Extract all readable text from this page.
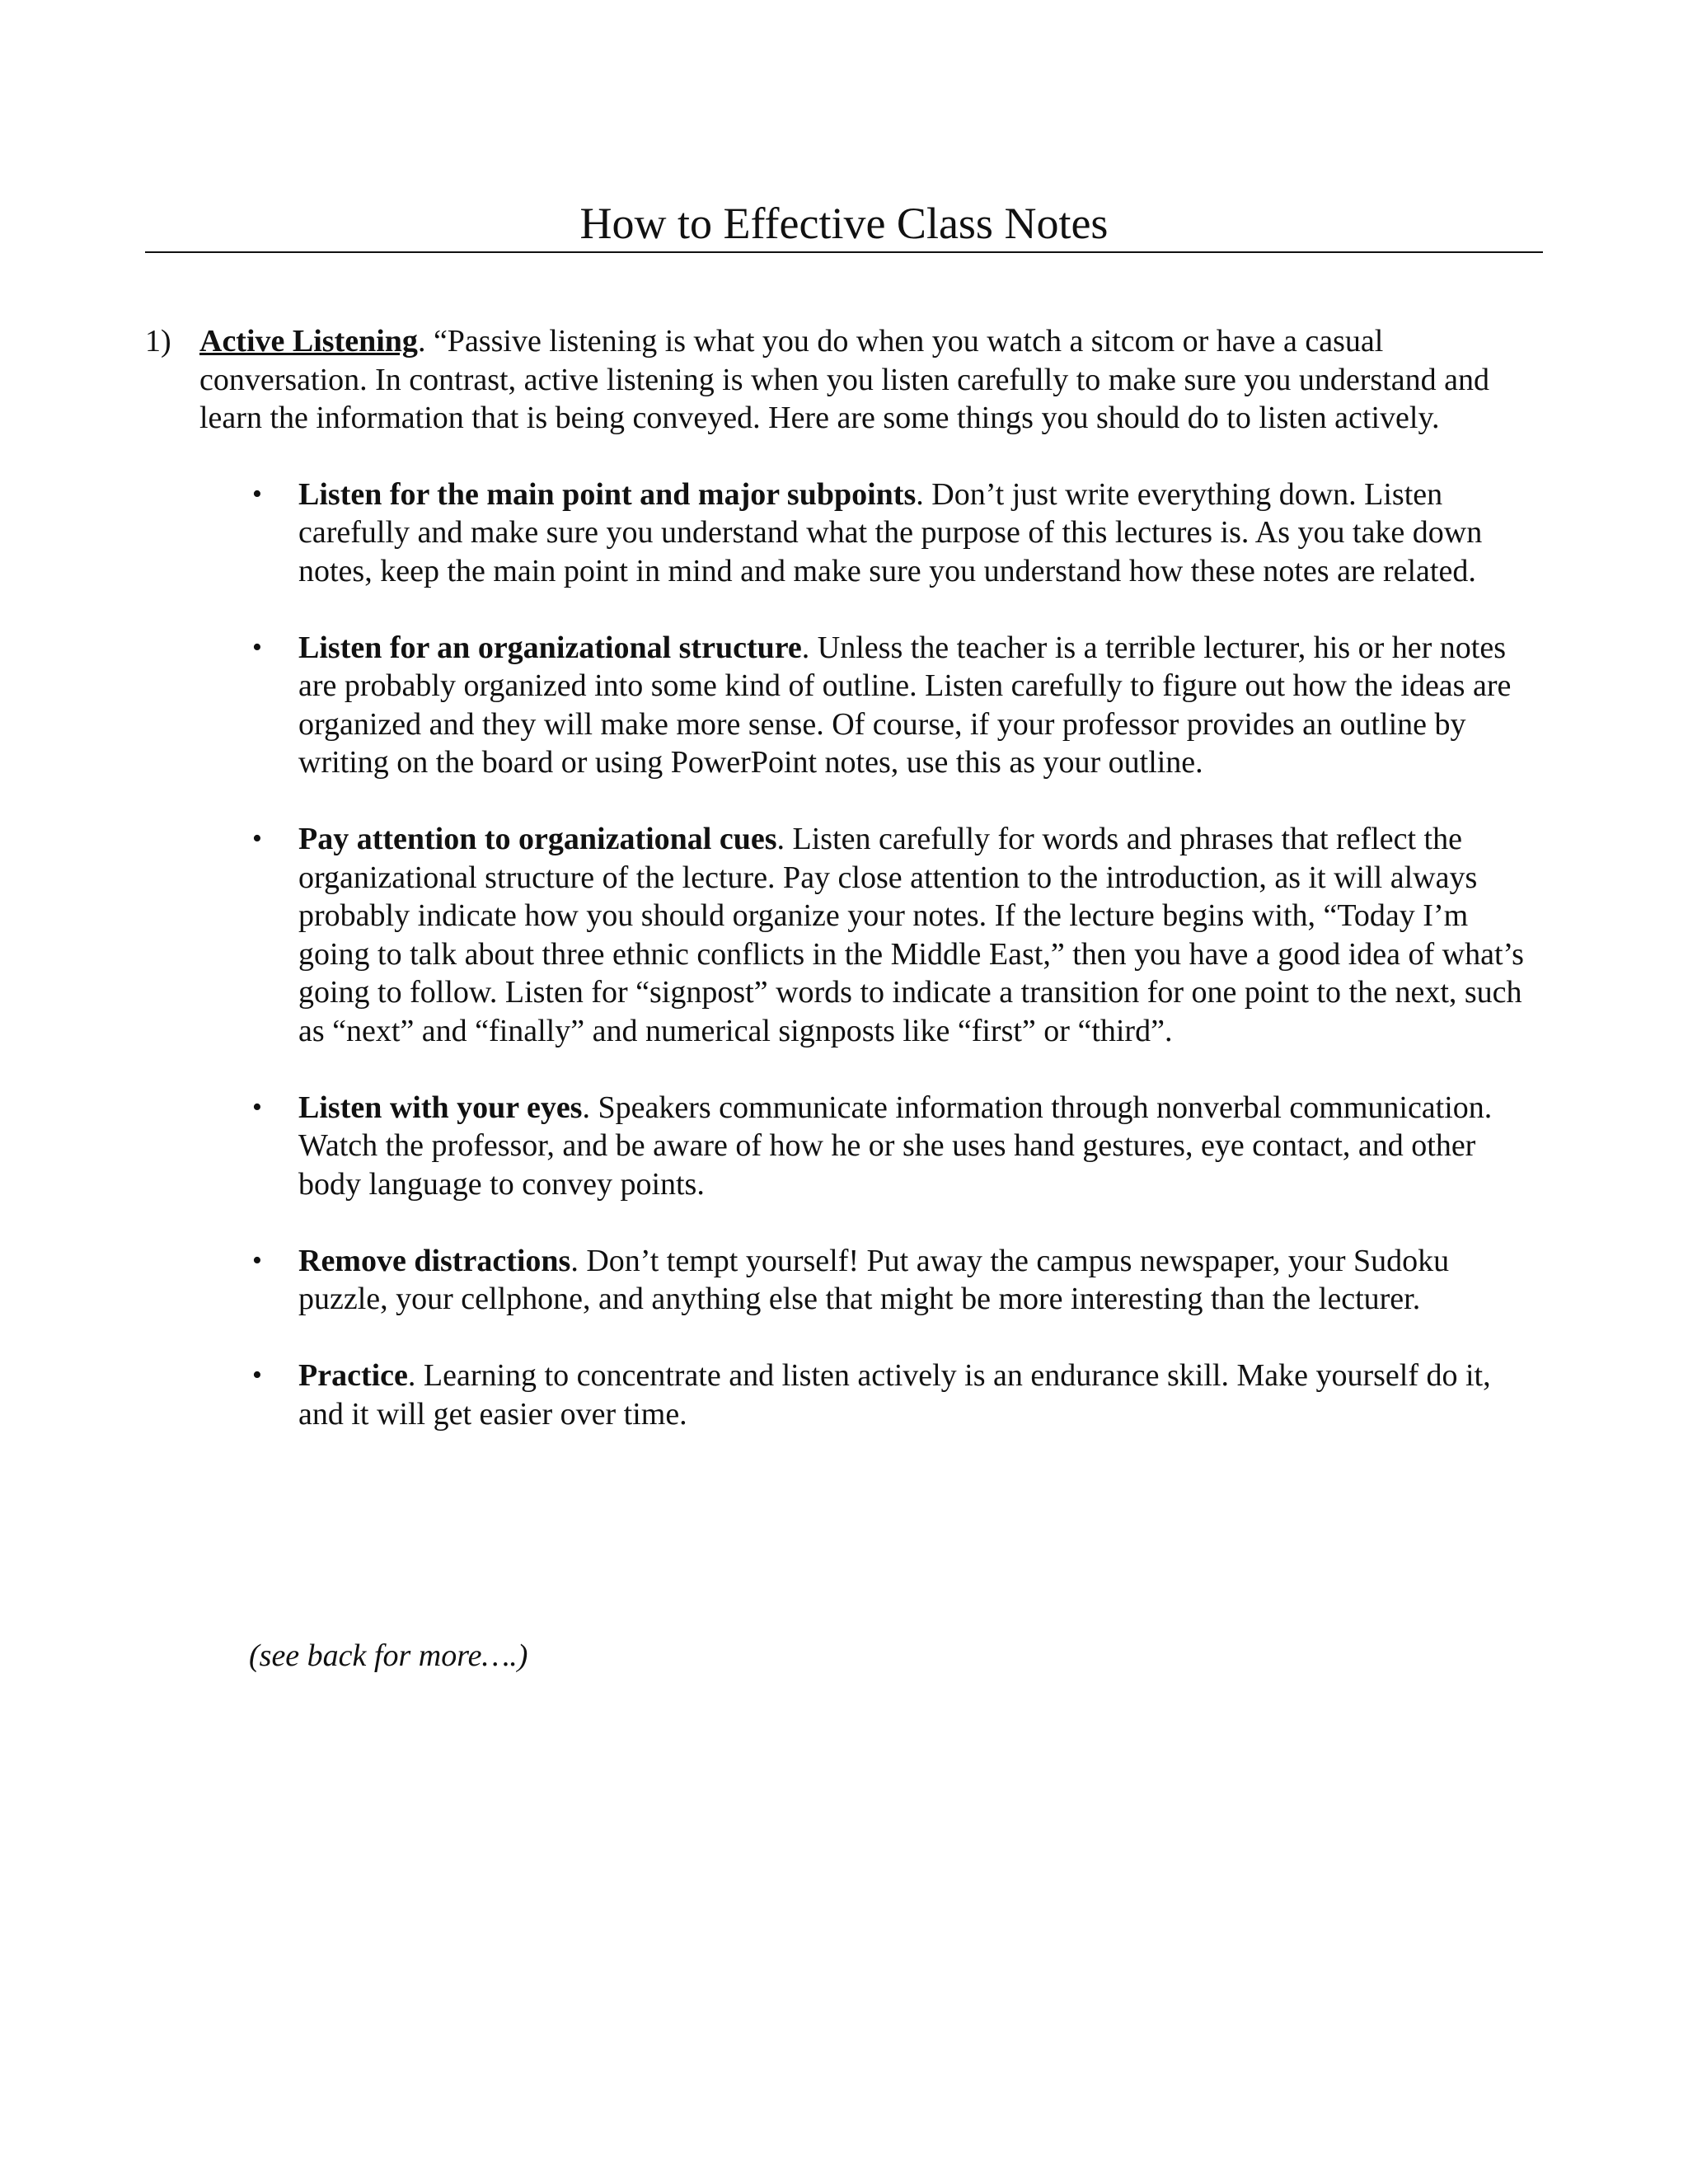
How to Effective Class Notes
1) Active Listening. “Passive listening is what you do when you watch a sitcom or have a casual conversation. In contrast, active listening is when you listen carefully to make sure you understand and learn the information that is being conveyed. Here are some things you should do to listen actively.
• Listen for the main point and major subpoints. Don’t just write everything down. Listen carefully and make sure you understand what the purpose of this lectures is. As you take down notes, keep the main point in mind and make sure you understand how these notes are related.
• Listen for an organizational structure. Unless the teacher is a terrible lecturer, his or her notes are probably organized into some kind of outline. Listen carefully to figure out how the ideas are organized and they will make more sense. Of course, if your professor provides an outline by writing on the board or using PowerPoint notes, use this as your outline.
• Pay attention to organizational cues. Listen carefully for words and phrases that reflect the organizational structure of the lecture. Pay close attention to the introduction, as it will always probably indicate how you should organize your notes. If the lecture begins with, “Today I’m going to talk about three ethnic conflicts in the Middle East,” then you have a good idea of what’s going to follow. Listen for “signpost” words to indicate a transition for one point to the next, such as “next” and “finally” and numerical signposts like “first” or “third”.
• Listen with your eyes. Speakers communicate information through nonverbal communication. Watch the professor, and be aware of how he or she uses hand gestures, eye contact, and other body language to convey points.
• Remove distractions. Don’t tempt yourself! Put away the campus newspaper, your Sudoku puzzle, your cellphone, and anything else that might be more interesting than the lecturer.
• Practice. Learning to concentrate and listen actively is an endurance skill. Make yourself do it, and it will get easier over time.
(see back for more….)
